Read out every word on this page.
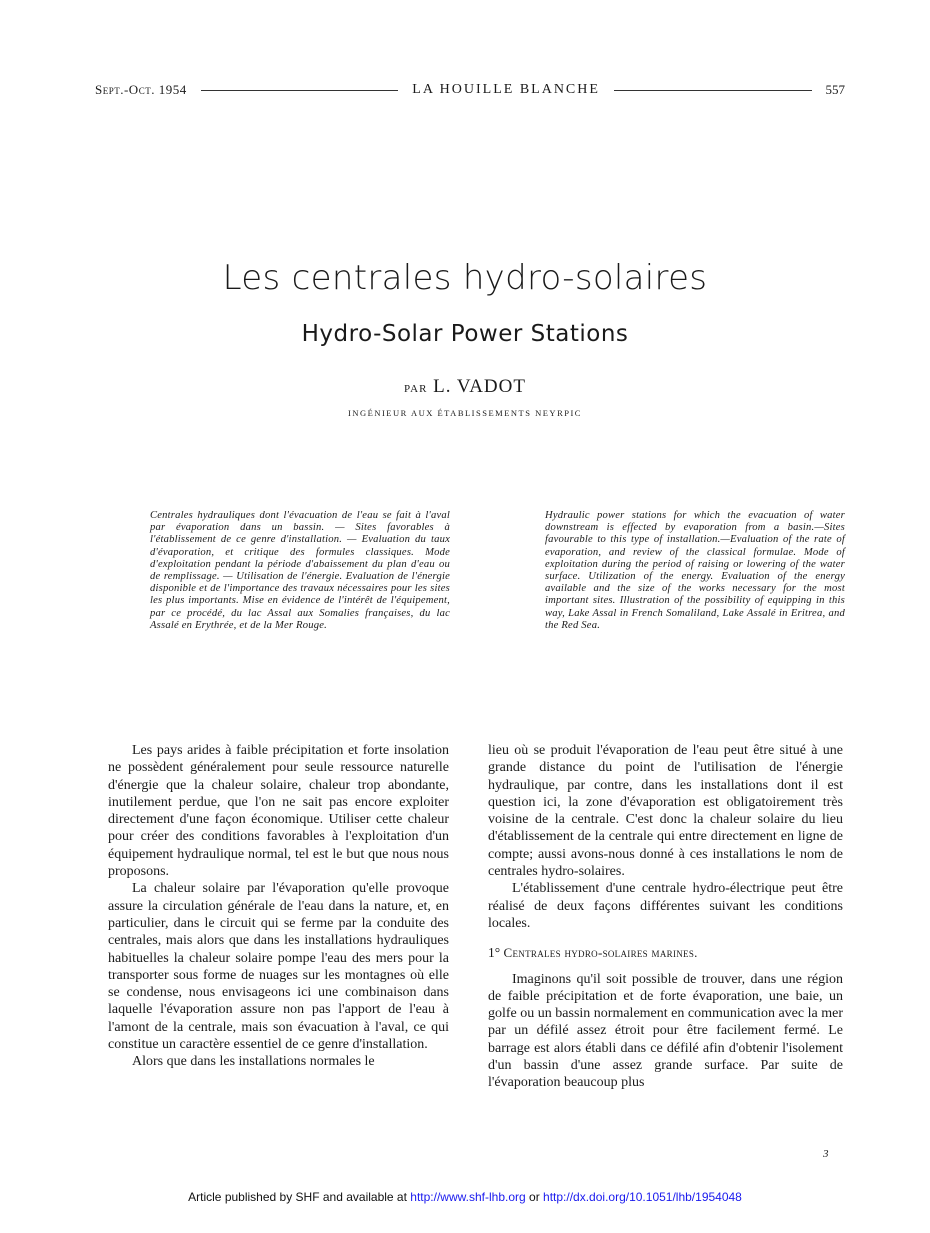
Sept.-Oct. 1954	LA HOUILLE BLANCHE	557
Les centrales hydro-solaires
Hydro-Solar Power Stations
PAR L. VADOT
INGÉNIEUR AUX ÉTABLISSEMENTS NEYRPIC
Centrales hydrauliques dont l'évacuation de l'eau se fait à l'aval par évaporation dans un bassin. — Sites favorables à l'établissement de ce genre d'installation. — Evaluation du taux d'évaporation, et critique des formules classiques. Mode d'exploitation pendant la période d'abaissement du plan d'eau ou de remplissage. — Utilisation de l'énergie. Evaluation de l'énergie disponible et de l'importance des travaux nécessaires pour les sites les plus importants. Mise en évidence de l'intérêt de l'équipement, par ce procédé, du lac Assal aux Somalies françaises, du lac Assalé en Erythrée, et de la Mer Rouge.
Hydraulic power stations for which the evacuation of water downstream is effected by evaporation from a basin.—Sites favourable to this type of installation.—Evaluation of the rate of evaporation, and review of the classical formulae. Mode of exploitation during the period of raising or lowering of the water surface. Utilization of the energy. Evaluation of the energy available and the size of the works necessary for the most important sites. Illustration of the possibility of equipping in this way, Lake Assal in French Somaliland, Lake Assalé in Eritrea, and the Red Sea.

Les pays arides à faible précipitation et forte insolation ne possèdent généralement pour seule ressource naturelle d'énergie que la chaleur solaire, chaleur trop abondante, inutilement perdue, que l'on ne sait pas encore exploiter directement d'une façon économique. Utiliser cette chaleur pour créer des conditions favorables à l'exploitation d'un équipement hydraulique normal, tel est le but que nous nous proposons.

La chaleur solaire par l'évaporation qu'elle provoque assure la circulation générale de l'eau dans la nature, et, en particulier, dans le circuit qui se ferme par la conduite des centrales, mais alors que dans les installations hydrauliques habituelles la chaleur solaire pompe l'eau des mers pour la transporter sous forme de nuages sur les montagnes où elle se condense, nous envisageons ici une combinaison dans laquelle l'évaporation assure non pas l'apport de l'eau à l'amont de la centrale, mais son évacuation à l'aval, ce qui constitue un caractère essentiel de ce genre d'installation.

Alors que dans les installations normales le

lieu où se produit l'évaporation de l'eau peut être situé à une grande distance du point de l'utilisation de l'énergie hydraulique, par contre, dans les installations dont il est question ici, la zone d'évaporation est obligatoirement très voisine de la centrale. C'est donc la chaleur solaire du lieu d'établissement de la centrale qui entre directement en ligne de compte; aussi avons-nous donné à ces installations le nom de centrales hydro-solaires.

L'établissement d'une centrale hydro-électrique peut être réalisé de deux façons différentes suivant les conditions locales.

1° Centrales hydro-solaires marines.

Imaginons qu'il soit possible de trouver, dans une région de faible précipitation et de forte évaporation, une baie, un golfe ou un bassin normalement en communication avec la mer par un défilé assez étroit pour être facilement fermé. Le barrage est alors établi dans ce défilé afin d'obtenir l'isolement d'un bassin d'une assez grande surface. Par suite de l'évaporation beaucoup plus

3
Article published by SHF and available at http://www.shf-lhb.org or http://dx.doi.org/10.1051/lhb/1954048
